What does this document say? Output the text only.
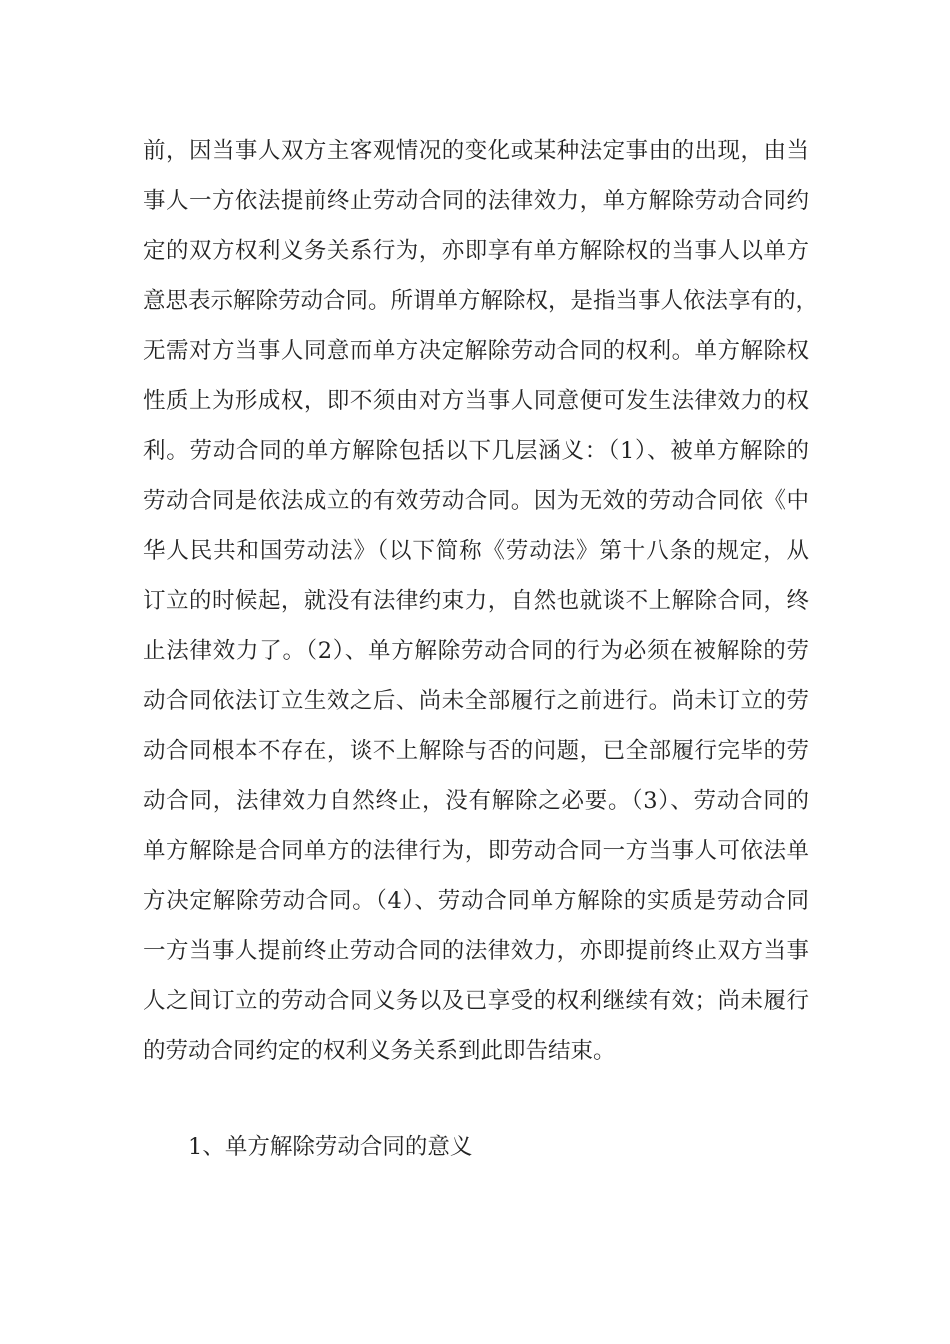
前，因当事人双方主客观情况的变化或某种法定事由的出现，由当
事人一方依法提前终止劳动合同的法律效力，单方解除劳动合同约
定的双方权利义务关系行为，亦即享有单方解除权的当事人以单方
意思表示解除劳动合同。所谓单方解除权，是指当事人依法享有的，
无需对方当事人同意而单方决定解除劳动合同的权利。单方解除权
性质上为形成权，即不须由对方当事人同意便可发生法律效力的权
利。劳动合同的单方解除包括以下几层涵义：（1）、被单方解除的
劳动合同是依法成立的有效劳动合同。因为无效的劳动合同依《中
华人民共和国劳动法》（以下简称《劳动法》第十八条的规定，从
订立的时候起，就没有法律约束力，自然也就谈不上解除合同，终
止法律效力了。（2）、单方解除劳动合同的行为必须在被解除的劳
动合同依法订立生效之后、尚未全部履行之前进行。尚未订立的劳
动合同根本不存在，谈不上解除与否的问题，已全部履行完毕的劳
动合同，法律效力自然终止，没有解除之必要。（3）、劳动合同的
单方解除是合同单方的法律行为，即劳动合同一方当事人可依法单
方决定解除劳动合同。（4）、劳动合同单方解除的实质是劳动合同
一方当事人提前终止劳动合同的法律效力，亦即提前终止双方当事
人之间订立的劳动合同义务以及已享受的权利继续有效；尚未履行
的劳动合同约定的权利义务关系到此即告结束。

1、单方解除劳动合同的意义
